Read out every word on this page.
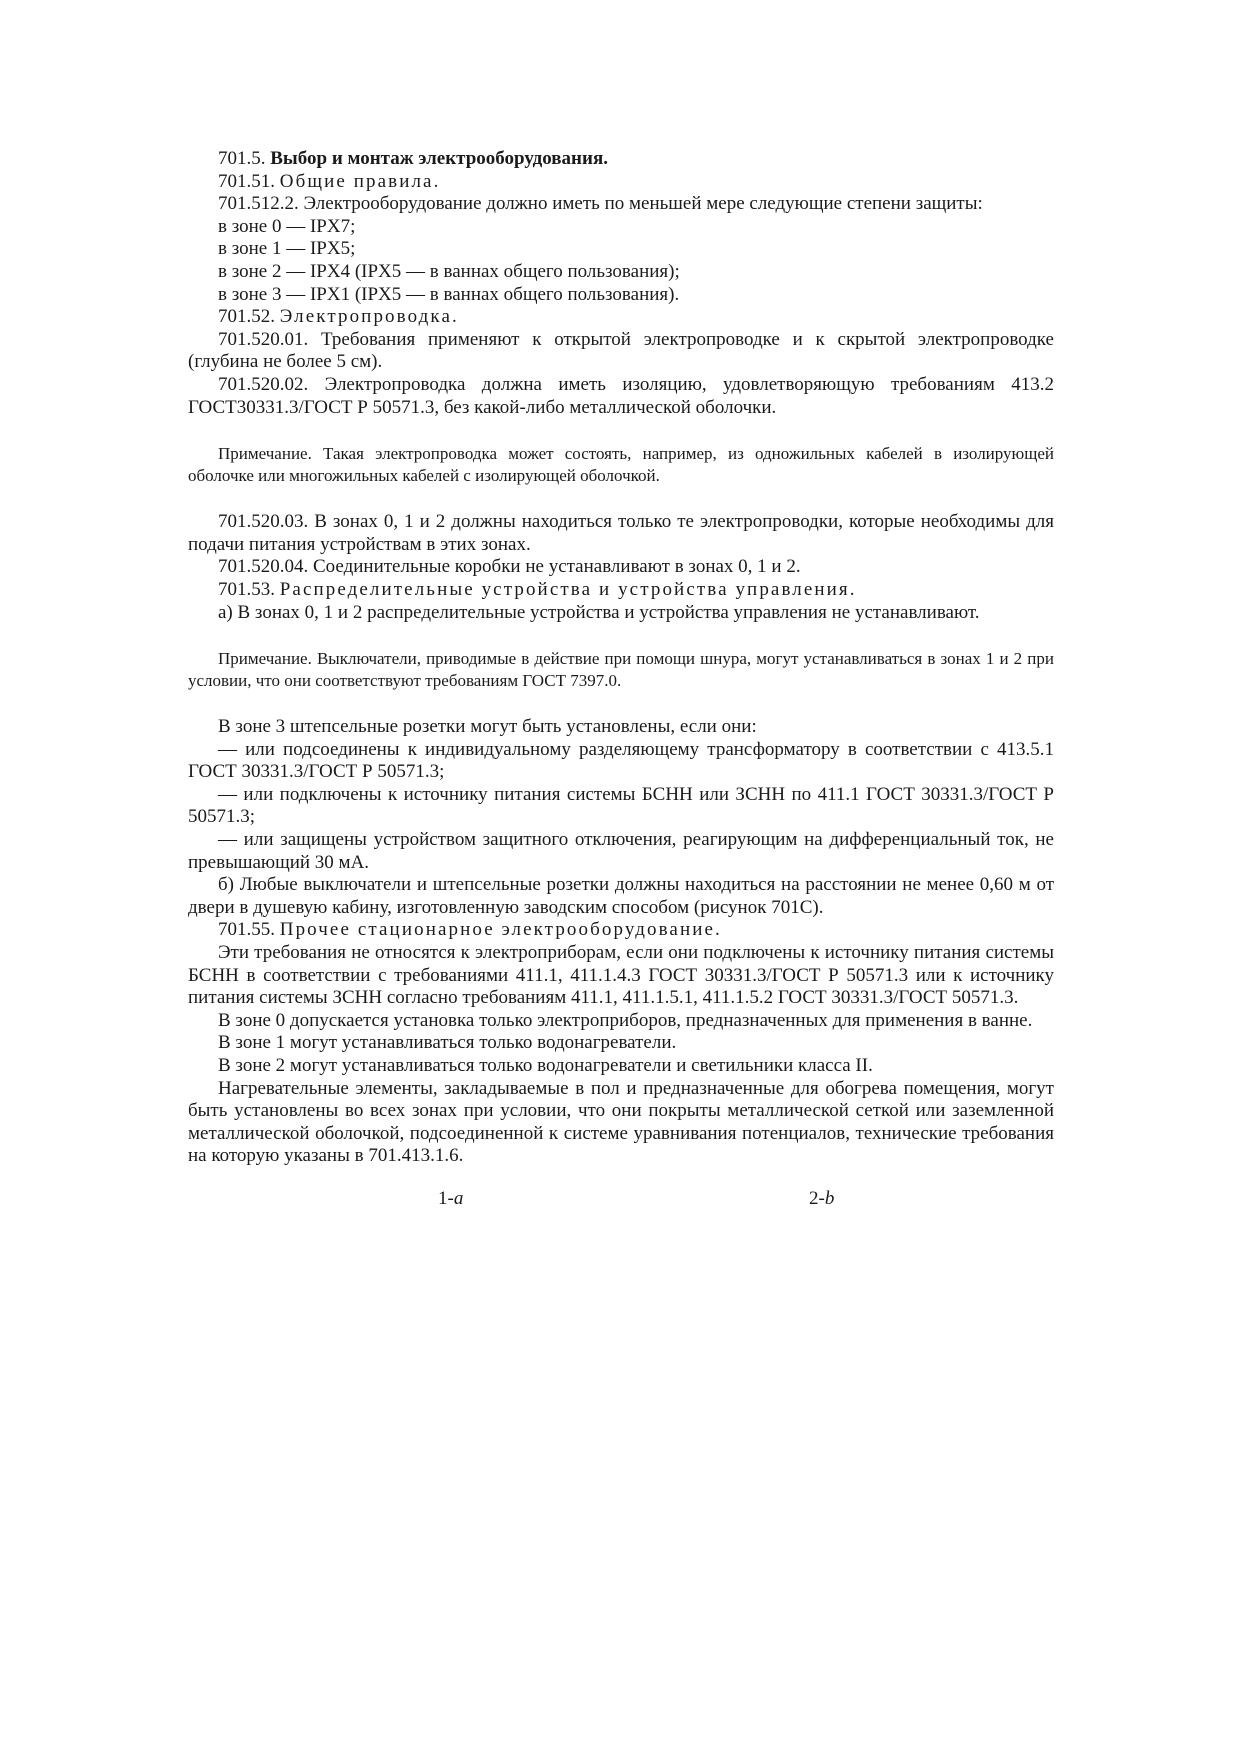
701.5. Выбор и монтаж электрооборудования.

701.51. Общие правила.

701.512.2. Электрооборудование должно иметь по меньшей мере следующие степени защиты:

в зоне 0 — IPX7;

в зоне 1 — IPX5;

в зоне 2 — IPX4 (IPX5 — в ваннах общего пользования);

в зоне 3 — IPX1 (IPX5 — в ваннах общего пользования).

701.52. Электропроводка.

701.520.01. Требования применяют к открытой электропроводке и к скрытой электропроводке (глубина не более 5 см).

701.520.02. Электропроводка должна иметь изоляцию, удовлетворяющую требованиям 413.2 ГОСТ30331.3/ГОСТ Р 50571.3, без какой-либо металлической оболочки.

Примечание. Такая электропроводка может состоять, например, из одножильных кабелей в изолирующей оболочке или многожильных кабелей с изолирующей оболочкой.

701.520.03. В зонах 0, 1 и 2 должны находиться только те электропроводки, которые необходимы для подачи питания устройствам в этих зонах.

701.520.04. Соединительные коробки не устанавливают в зонах 0, 1 и 2.

701.53. Распределительные устройства и устройства управления.

а) В зонах 0, 1 и 2 распределительные устройства и устройства управления не устанавливают.

Примечание. Выключатели, приводимые в действие при помощи шнура, могут устанавливаться в зонах 1 и 2 при условии, что они соответствуют требованиям ГОСТ 7397.0.

В зоне 3 штепсельные розетки могут быть установлены, если они:

— или подсоединены к индивидуальному разделяющему трансформатору в соответствии с 413.5.1 ГОСТ 30331.3/ГОСТ Р 50571.3;

— или подключены к источнику питания системы БСНН или ЗСНН по 411.1 ГОСТ 30331.3/ГОСТ Р 50571.3;

— или защищены устройством защитного отключения, реагирующим на дифференциальный ток, не превышающий 30 мА.

б) Любые выключатели и штепсельные розетки должны находиться на расстоянии не менее 0,60 м от двери в душевую кабину, изготовленную заводским способом (рисунок 701С).

701.55. Прочее стационарное электрооборудование.

Эти требования не относятся к электроприборам, если они подключены к источнику питания системы БСНН в соответствии с требованиями 411.1, 411.1.4.3 ГОСТ 30331.3/ГОСТ Р 50571.3 или к источнику питания системы ЗСНН согласно требованиям 411.1, 411.1.5.1, 411.1.5.2 ГОСТ 30331.3/ГОСТ 50571.3.

В зоне 0 допускается установка только электроприборов, предназначенных для применения в ванне.

В зоне 1 могут устанавливаться только водонагреватели.

В зоне 2 могут устанавливаться только водонагреватели и светильники класса II.

Нагревательные элементы, закладываемые в пол и предназначенные для обогрева помещения, могут быть установлены во всех зонах при условии, что они покрыты металлической сеткой или заземленной металлической оболочкой, подсоединенной к системе уравнивания потенциалов, технические требования на которую указаны в 701.413.1.6.

1-a	2-b
